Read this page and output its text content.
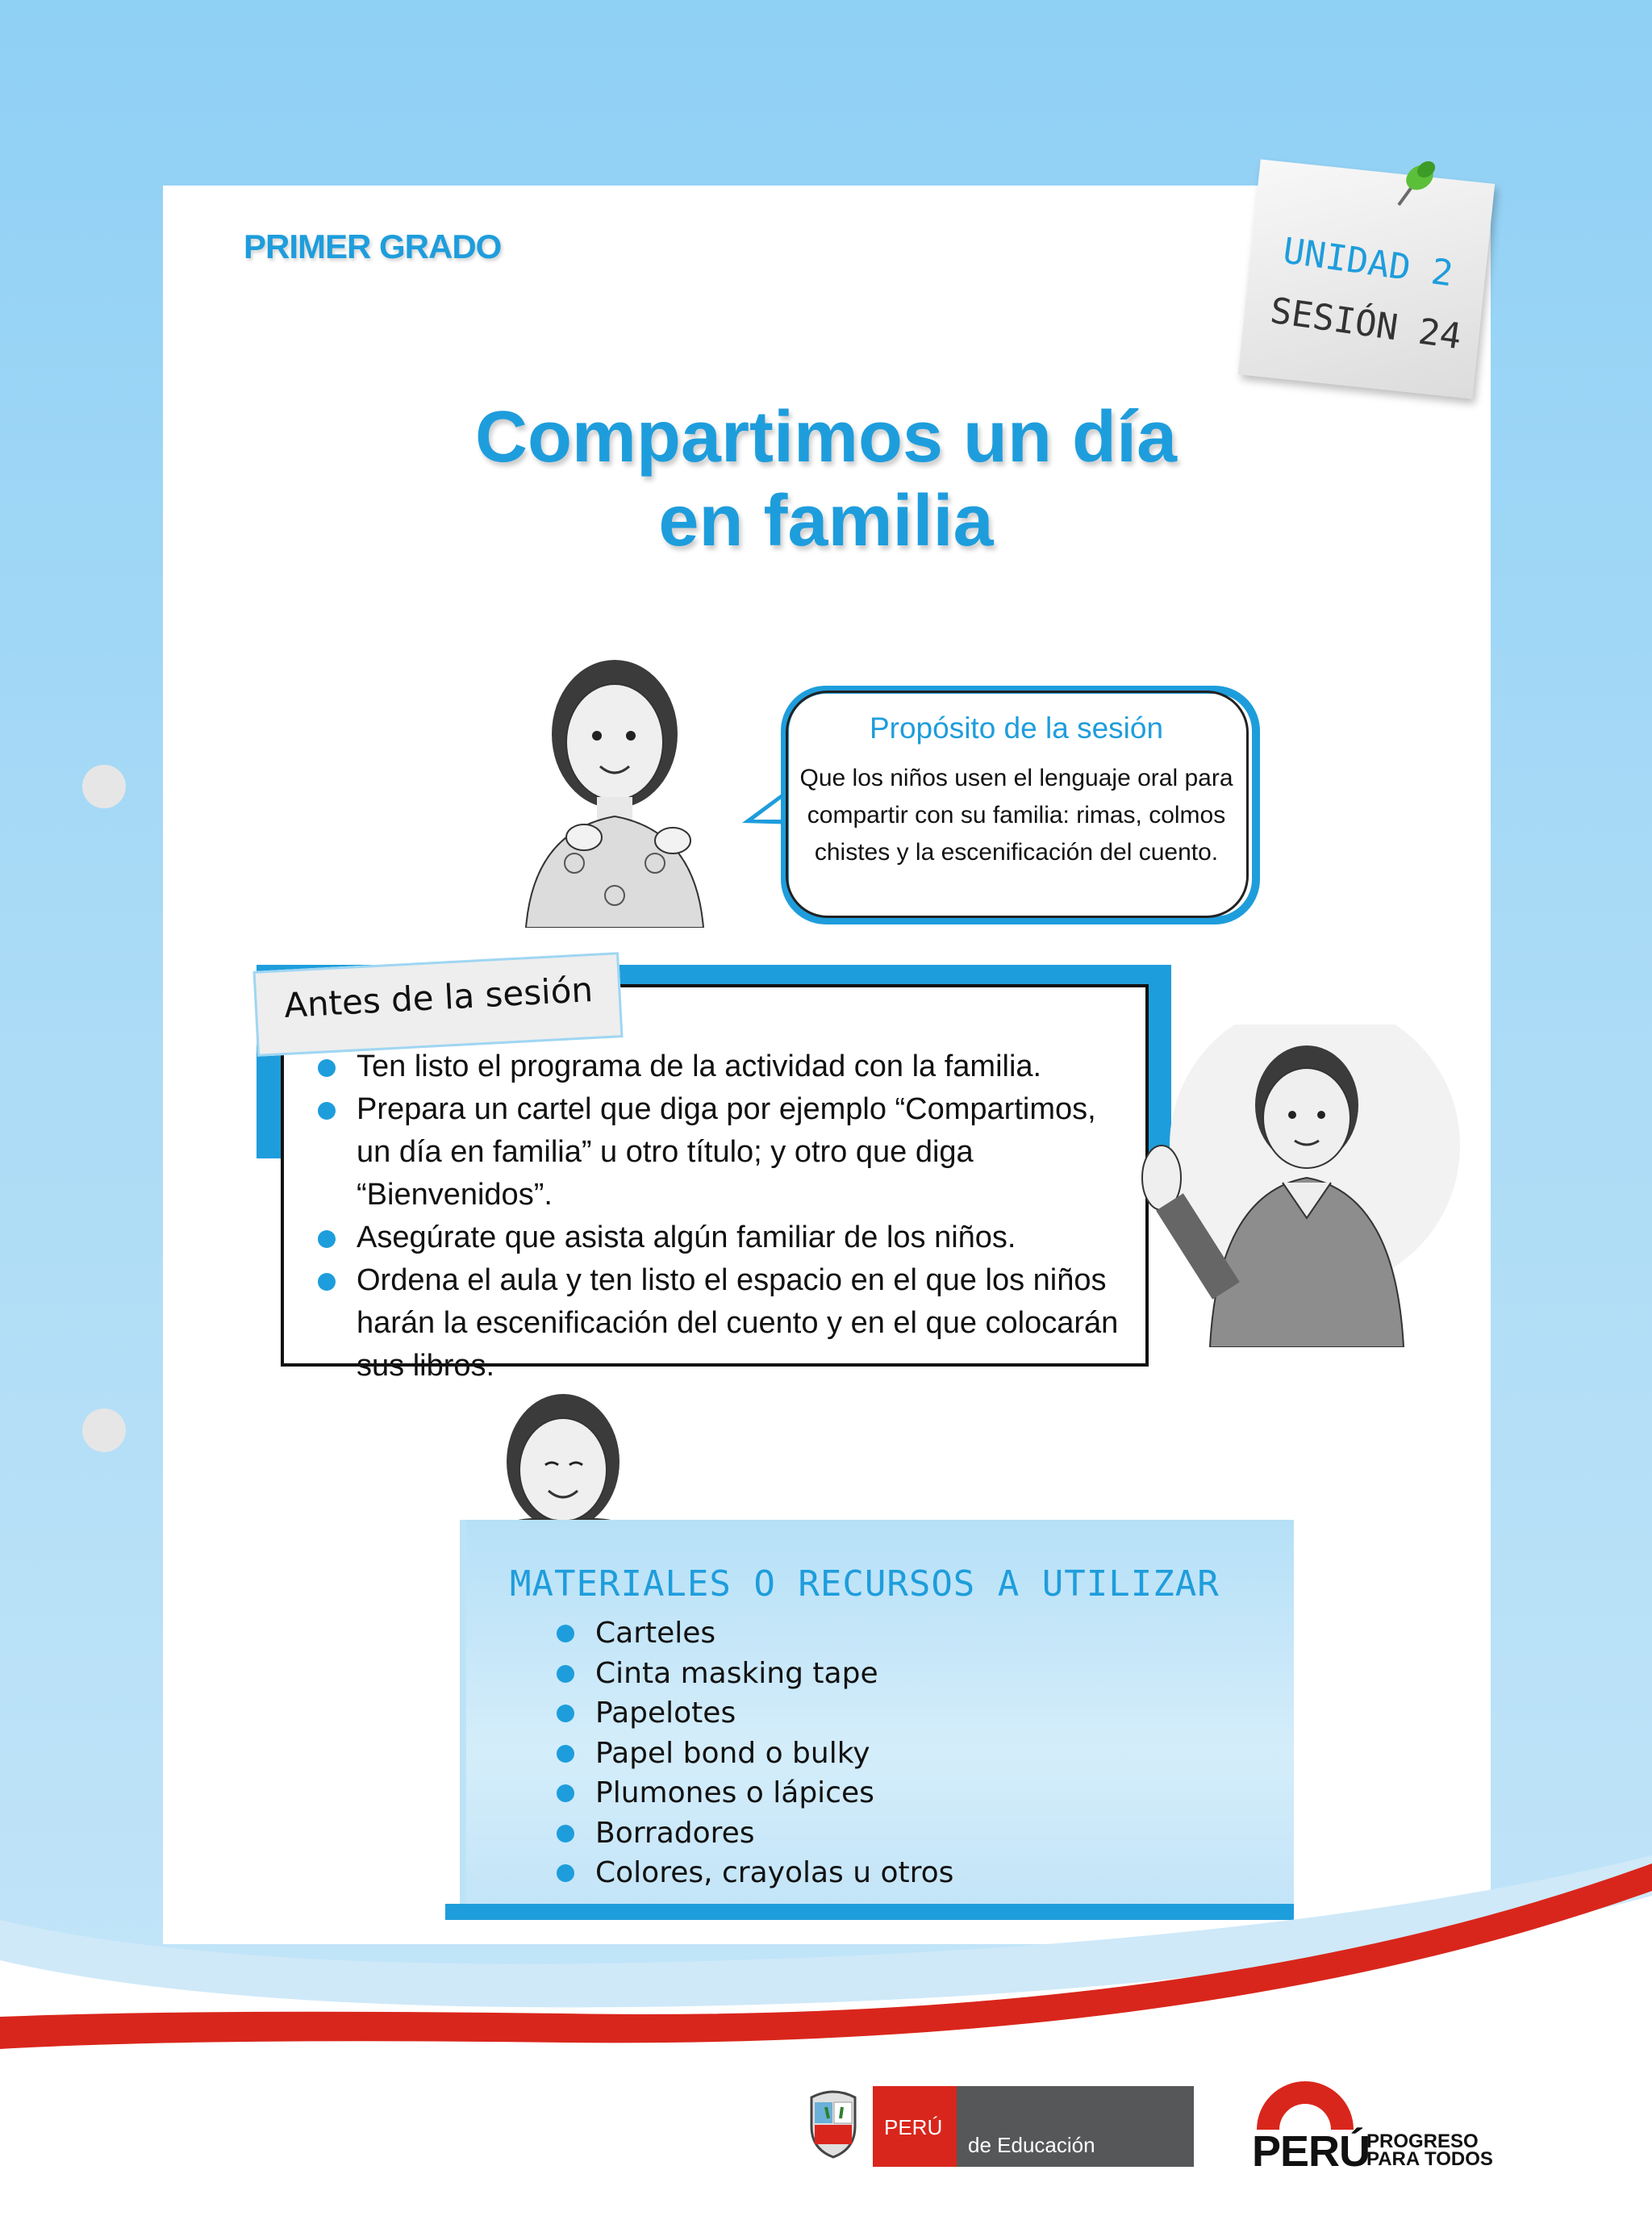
PRIMER GRADO	UNIDAD 2
SESIÓN 24
Compartimos un día
en familia
Propósito de la sesión
Que los niños usen el lenguaje oral para
compartir con su familia: rimas, colmos
chistes y la escenificación del cuento.
Antes de la sesión
Ten listo el programa de la actividad con la familia.
Prepara un cartel que diga por ejemplo “Compartimos, un día en familia” u otro título; y otro que diga “Bienvenidos”.
Asegúrate que asista algún familiar de los niños.
Ordena el aula y ten listo el espacio en el que los niños harán la escenificación del cuento y en el que colocarán sus libros.
MATERIALES O RECURSOS A UTILIZAR
Carteles
Cinta masking tape
Papelotes
Papel bond o bulky
Plumones o lápices
Borradores
Colores, crayolas u otros
PERÚ
de Educación	PERÚ
PROGRESO
PARA TODOS
